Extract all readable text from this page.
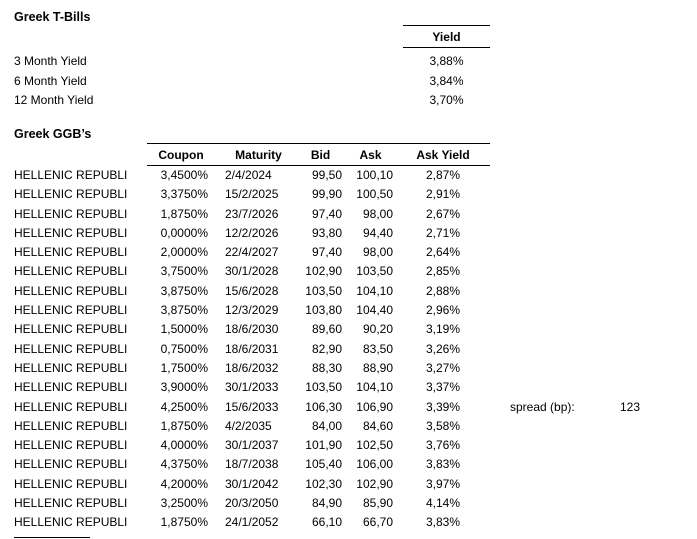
Greek T-Bills
Yield
3 Month Yield	3,88%
6 Month Yield	3,84%
12 Month Yield	3,70%
Greek GGB’s
Coupon	Maturity	Bid	Ask	Ask Yield
HELLENIC REPUBLI	3,4500%	2/4/2024	99,50	100,10	2,87%
HELLENIC REPUBLI	3,3750%	15/2/2025	99,90	100,50	2,91%
HELLENIC REPUBLI	1,8750%	23/7/2026	97,40	98,00	2,67%
HELLENIC REPUBLI	0,0000%	12/2/2026	93,80	94,40	2,71%
HELLENIC REPUBLI	2,0000%	22/4/2027	97,40	98,00	2,64%
HELLENIC REPUBLI	3,7500%	30/1/2028	102,90	103,50	2,85%
HELLENIC REPUBLI	3,8750%	15/6/2028	103,50	104,10	2,88%
HELLENIC REPUBLI	3,8750%	12/3/2029	103,80	104,40	2,96%
HELLENIC REPUBLI	1,5000%	18/6/2030	89,60	90,20	3,19%
HELLENIC REPUBLI	0,7500%	18/6/2031	82,90	83,50	3,26%
HELLENIC REPUBLI	1,7500%	18/6/2032	88,30	88,90	3,27%
HELLENIC REPUBLI	3,9000%	30/1/2033	103,50	104,10	3,37%
HELLENIC REPUBLI	4,2500%	15/6/2033	106,30	106,90	3,39%
HELLENIC REPUBLI	1,8750%	4/2/2035	84,00	84,60	3,58%
HELLENIC REPUBLI	4,0000%	30/1/2037	101,90	102,50	3,76%
HELLENIC REPUBLI	4,3750%	18/7/2038	105,40	106,00	3,83%
HELLENIC REPUBLI	4,2000%	30/1/2042	102,30	102,90	3,97%
HELLENIC REPUBLI	3,2500%	20/3/2050	84,90	85,90	4,14%
HELLENIC REPUBLI	1,8750%	24/1/2052	66,10	66,70	3,83%
spread (bp):	123
